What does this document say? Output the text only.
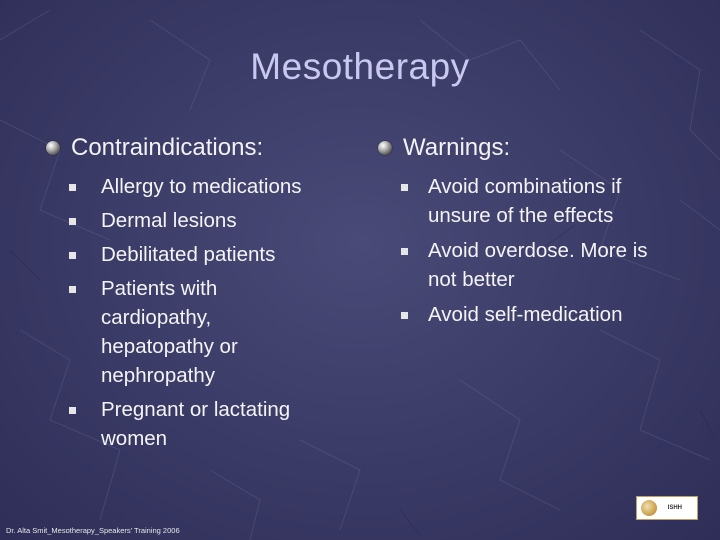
Mesotherapy
Contraindications:
Allergy to medications
Dermal lesions
Debilitated patients
Patients with cardiopathy, hepatopathy or nephropathy
Pregnant or lactating women
Warnings:
Avoid combinations if unsure of the effects
Avoid overdose. More is not better
Avoid self-medication
Dr. Alta Smit_Mesotherapy_Speakers' Training 2006
ISHH
